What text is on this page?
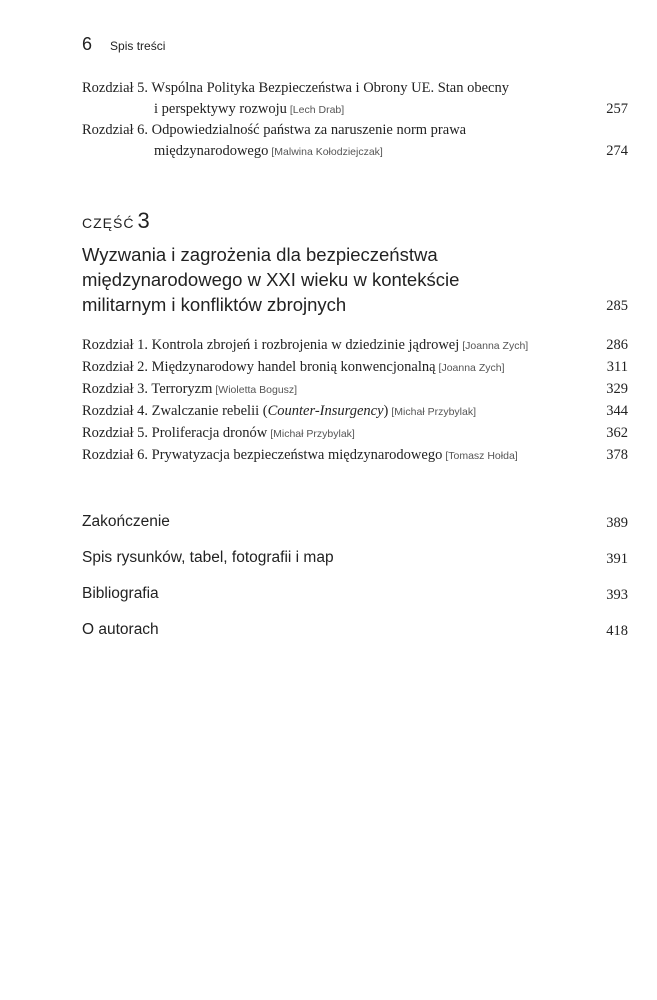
6 Spis treści
Rozdział 5. Wspólna Polityka Bezpieczeństwa i Obrony UE. Stan obecny
i perspektywy rozwoju [Lech Drab]	257
Rozdział 6. Odpowiedzialność państwa za naruszenie norm prawa
międzynarodowego [Malwina Kołodziejczak]	274
CZĘŚĆ 3
Wyzwania i zagrożenia dla bezpieczeństwa
międzynarodowego w XXI wieku w kontekście
militarnym i konfliktów zbrojnych	285
Rozdział 1. Kontrola zbrojeń i rozbrojenia w dziedzinie jądrowej [Joanna Zych]	286
Rozdział 2. Międzynarodowy handel bronią konwencjonalną [Joanna Zych]	311
Rozdział 3. Terroryzm [Wioletta Bogusz]	329
Rozdział 4. Zwalczanie rebelii (Counter-Insurgency) [Michał Przybylak]	344
Rozdział 5. Proliferacja dronów [Michał Przybylak]	362
Rozdział 6. Prywatyzacja bezpieczeństwa międzynarodowego [Tomasz Hołda]	378
Zakończenie	389
Spis rysunków, tabel, fotografii i map	391
Bibliografia	393
O autorach	418
